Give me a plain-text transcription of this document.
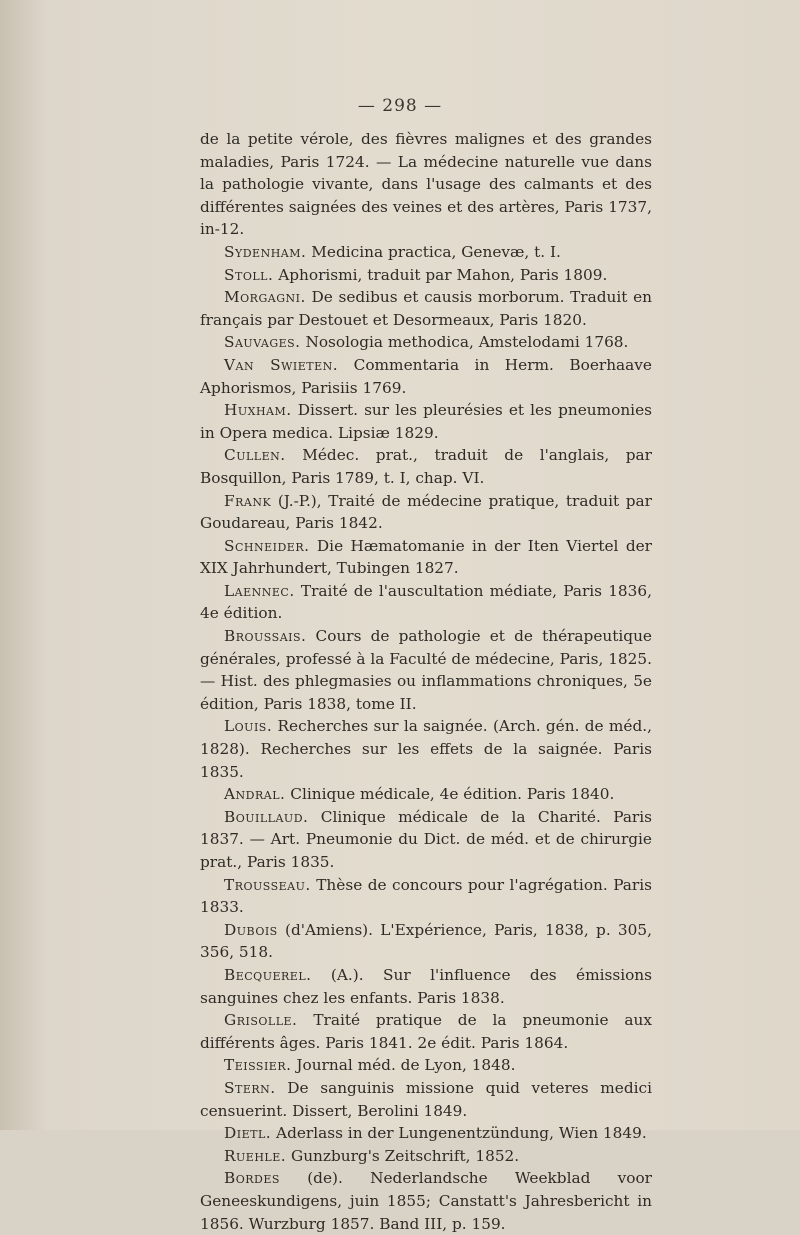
— 298 —

de la petite vérole, des fièvres malignes et des grandes maladies, Paris 1724. — La médecine naturelle vue dans la pathologie vivante, dans l'usage des calmants et des différentes saignées des veines et des artères, Paris 1737, in-12.

Sydenham. Medicina practica, Genevæ, t. I.

Stoll. Aphorismi, traduit par Mahon, Paris 1809.

Morgagni. De sedibus et causis morborum. Traduit en français par Destouet et Desormeaux, Paris 1820.

Sauvages. Nosologia methodica, Amstelodami 1768.

Van Swieten. Commentaria in Herm. Boerhaave Aphorismos, Parisiis 1769.

Huxham. Dissert. sur les pleurésies et les pneumonies in Opera medica. Lipsiæ 1829.

Cullen. Médec. prat., traduit de l'anglais, par Bosquillon, Paris 1789, t. I, chap. VI.

Frank (J.-P.), Traité de médecine pratique, traduit par Goudareau, Paris 1842.

Schneider. Die Hæmatomanie in der Iten Viertel der XIX Jahrhundert, Tubingen 1827.

Laennec. Traité de l'auscultation médiate, Paris 1836, 4e édition.

Broussais. Cours de pathologie et de thérapeutique générales, professé à la Faculté de médecine, Paris, 1825. — Hist. des phlegmasies ou inflammations chroniques, 5e édition, Paris 1838, tome II.

Louis. Recherches sur la saignée. (Arch. gén. de méd., 1828). Recherches sur les effets de la saignée. Paris 1835.

Andral. Clinique médicale, 4e édition. Paris 1840.

Bouillaud. Clinique médicale de la Charité. Paris 1837. — Art. Pneumonie du Dict. de méd. et de chirurgie prat., Paris 1835.

Trousseau. Thèse de concours pour l'agrégation. Paris 1833.

Dubois (d'Amiens). L'Expérience, Paris, 1838, p. 305, 356, 518.

Becquerel. (A.). Sur l'influence des émissions sanguines chez les enfants. Paris 1838.

Grisolle. Traité pratique de la pneumonie aux différents âges. Paris 1841. 2e édit. Paris 1864.

Teissier. Journal méd. de Lyon, 1848.

Stern. De sanguinis missione quid veteres medici censuerint. Dissert, Berolini 1849.

Dietl. Aderlass in der Lungenentzündung, Wien 1849.

Ruehle. Gunzburg's Zeitschrift, 1852.

Bordes (de). Nederlandsche Weekblad voor Geneeskundigens, juin 1855; Canstatt's Jahresbericht in 1856. Wurzburg 1857. Band III, p. 159.
